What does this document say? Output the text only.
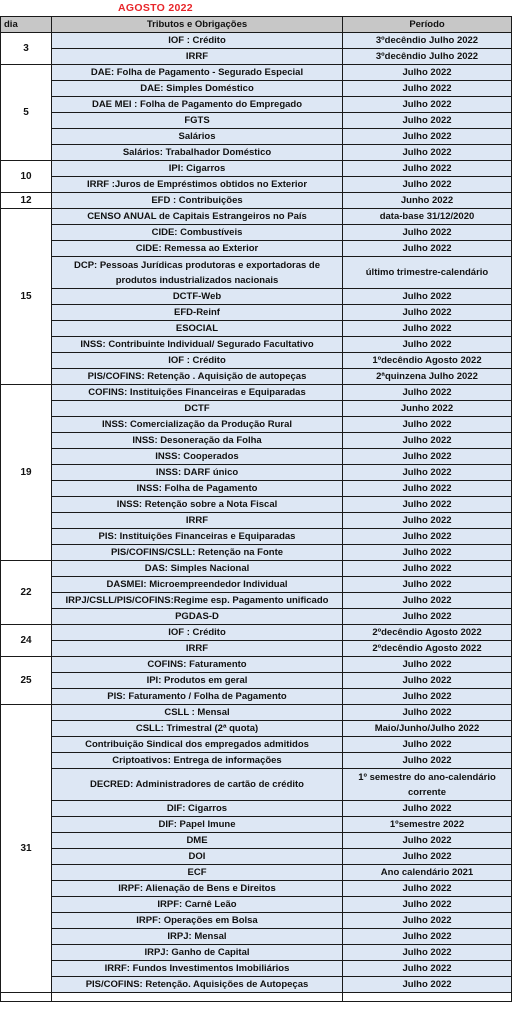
AGOSTO 2022
dia	Tributos e Obrigações	Período
3	IOF : Crédito	3ºdecêndio Julho 2022
	IRRF	3ºdecêndio Julho 2022
5	DAE: Folha de Pagamento - Segurado Especial	Julho 2022
	DAE: Simples Doméstico	Julho 2022
	DAE MEI : Folha de Pagamento do Empregado	Julho 2022
	FGTS	Julho 2022
	Salários	Julho 2022
	Salários: Trabalhador Doméstico	Julho 2022
10	IPI: Cigarros	Julho 2022
	IRRF :Juros de Empréstimos obtidos no Exterior	Julho 2022
12	EFD : Contribuições	Junho 2022
15	CENSO ANUAL de Capitais Estrangeiros no País	data-base 31/12/2020
	CIDE: Combustíveis	Julho 2022
	CIDE: Remessa ao Exterior	Julho 2022
	DCP: Pessoas Jurídicas produtoras e exportadoras de produtos industrializados nacionais	último trimestre-calendário
	DCTF-Web	Julho 2022
	EFD-Reinf	Julho 2022
	ESOCIAL	Julho 2022
	INSS: Contribuinte Individual/ Segurado Facultativo	Julho 2022
	IOF : Crédito	1ºdecêndio Agosto 2022
	PIS/COFINS: Retenção . Aquisição de autopeças	2ªquinzena Julho 2022
19	COFINS: Instituições Financeiras e Equiparadas	Julho 2022
	DCTF	Junho 2022
	INSS: Comercialização da Produção Rural	Julho 2022
	INSS: Desoneração da Folha	Julho 2022
	INSS: Cooperados	Julho 2022
	INSS: DARF único	Julho 2022
	INSS: Folha de Pagamento	Julho 2022
	INSS: Retenção sobre a Nota Fiscal	Julho 2022
	IRRF	Julho 2022
	PIS: Instituições Financeiras e Equiparadas	Julho 2022
	PIS/COFINS/CSLL: Retenção na Fonte	Julho 2022
22	DAS: Simples Nacional	Julho 2022
	DASMEI: Microempreendedor Individual	Julho 2022
	IRPJ/CSLL/PIS/COFINS:Regime esp. Pagamento unificado	Julho 2022
	PGDAS-D	Julho 2022
24	IOF : Crédito	2ºdecêndio Agosto 2022
	IRRF	2ºdecêndio Agosto 2022
25	COFINS: Faturamento	Julho 2022
	IPI: Produtos em geral	Julho 2022
	PIS: Faturamento / Folha de Pagamento	Julho 2022
31	CSLL : Mensal	Julho 2022
	CSLL: Trimestral (2ª quota)	Maio/Junho/Julho 2022
	Contribuição Sindical dos empregados admitidos	Julho 2022
	Criptoativos: Entrega de informações	Julho 2022
	DECRED: Administradores de cartão de crédito	1º semestre do ano-calendário corrente
	DIF: Cigarros	Julho 2022
	DIF: Papel Imune	1ºsemestre 2022
	DME	Julho 2022
	DOI	Julho 2022
	ECF	Ano calendário 2021
	IRPF: Alienação de Bens e Direitos	Julho 2022
	IRPF: Carnê Leão	Julho 2022
	IRPF: Operações em Bolsa	Julho 2022
	IRPJ: Mensal	Julho 2022
	IRPJ: Ganho de Capital	Julho 2022
	IRRF: Fundos Investimentos Imobiliários	Julho 2022
	PIS/COFINS: Retenção. Aquisições de Autopeças	Julho 2022
